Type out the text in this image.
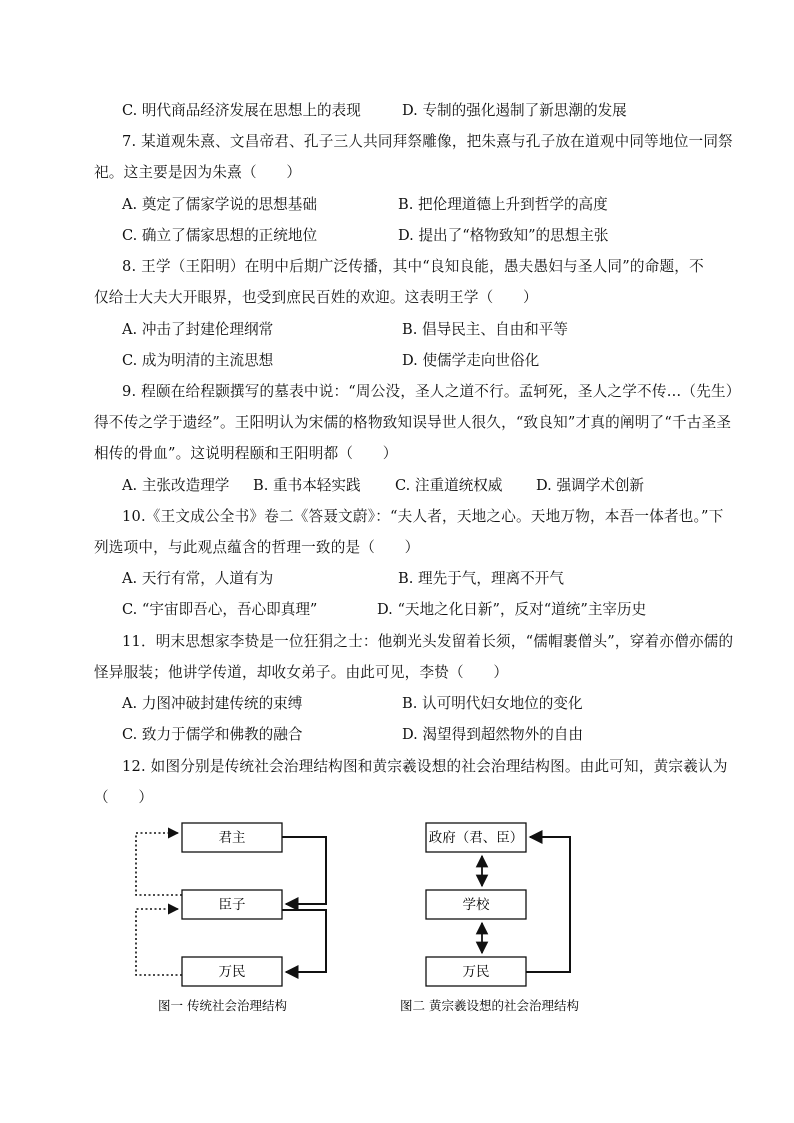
C. 明代商品经济发展在思想上的表现	D. 专制的强化遏制了新思潮的发展
7. 某道观朱熹、文昌帝君、孔子三人共同拜祭雕像，把朱熹与孔子放在道观中同等地位一同祭
祀。这主要是因为朱熹（　　）
A. 奠定了儒家学说的思想基础	B. 把伦理道德上升到哲学的高度
C. 确立了儒家思想的正统地位	D. 提出了“格物致知”的思想主张
8. 王学（王阳明）在明中后期广泛传播，其中“良知良能，愚夫愚妇与圣人同”的命题，不
仅给士大夫大开眼界，也受到庶民百姓的欢迎。这表明王学（　　）
A. 冲击了封建伦理纲常	B. 倡导民主、自由和平等
C. 成为明清的主流思想	D. 使儒学走向世俗化
9. 程颐在给程颢撰写的墓表中说：“周公没，圣人之道不行。孟轲死，圣人之学不传…（先生）
得不传之学于遗经”。王阳明认为宋儒的格物致知误导世人很久，“致良知”才真的阐明了“千古圣圣
相传的骨血”。这说明程颐和王阳明都（　　）
A. 主张改造理学 B. 重书本轻实践 C. 注重道统权威 D. 强调学术创新
10.《王文成公全书》卷二《答聂文蔚》：“夫人者，天地之心。天地万物，本吾一体者也。”下
列选项中，与此观点蕴含的哲理一致的是（　　）
A. 天行有常，人道有为	B. 理先于气，理离不开气
C. “宇宙即吾心，吾心即真理”	D. “天地之化日新”，反对“道统”主宰历史
11．明末思想家李贽是一位狂狷之士：他剃光头发留着长须，“儒帽裹僧头”，穿着亦僧亦儒的
怪异服装；他讲学传道，却收女弟子。由此可见，李贽（　　）
A. 力图冲破封建传统的束缚	B. 认可明代妇女地位的变化
C. 致力于儒学和佛教的融合	D. 渴望得到超然物外的自由
12. 如图分别是传统社会治理结构图和黄宗羲设想的社会治理结构图。由此可知，黄宗羲认为
（　　）
君主
臣子
万民
图一 传统社会治理结构
政府（君、臣）
学校
万民
图二 黄宗羲设想的社会治理结构
